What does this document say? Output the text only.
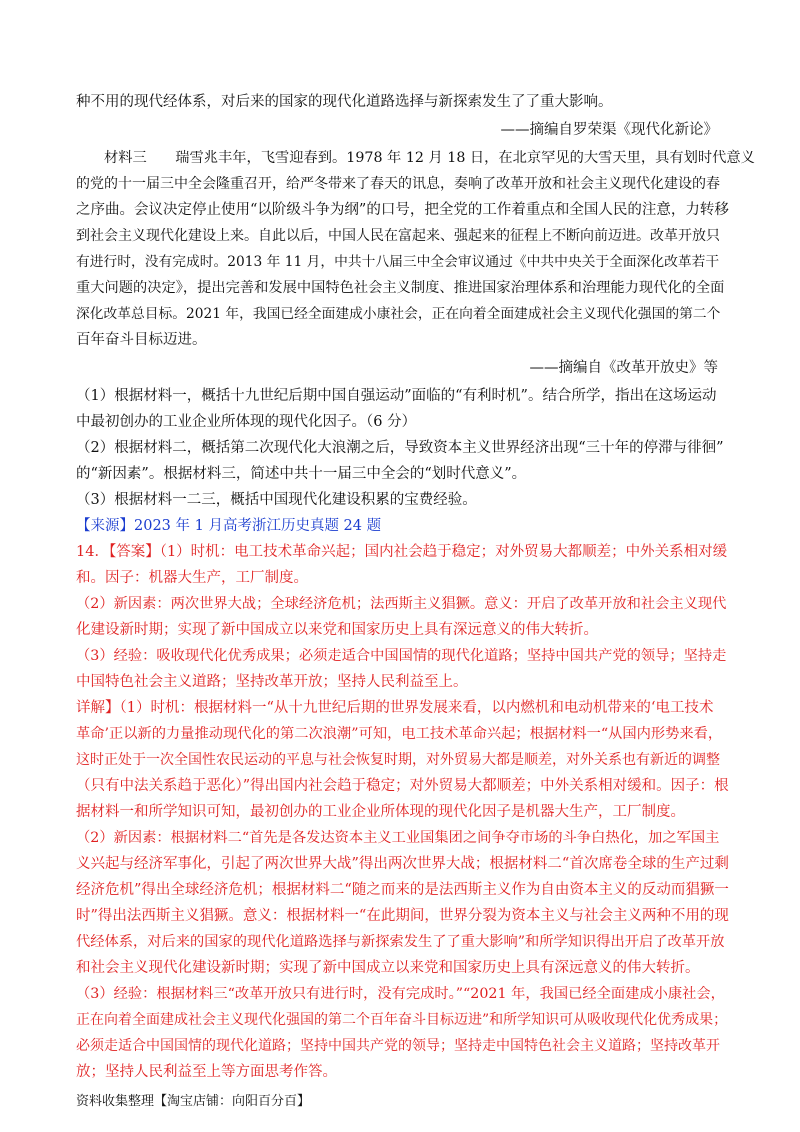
种不用的现代经体系，对后来的国家的现代化道路选择与新探索发生了了重大影响。
——摘编自罗荣渠《现代化新论》
材料三　　瑞雪兆丰年，飞雪迎春到。1978 年 12 月 18 日，在北京罕见的大雪天里，具有划时代意义
的党的十一届三中全会隆重召开，给严冬带来了春天的讯息，奏响了改革开放和社会主义现代化建设的春
之序曲。会议决定停止使用“以阶级斗争为纲”的口号，把全党的工作着重点和全国人民的注意，力转移
到社会主义现代化建设上来。自此以后，中国人民在富起来、强起来的征程上不断向前迈进。改革开放只
有进行时，没有完成时。2013 年 11 月，中共十八届三中全会审议通过《中共中央关于全面深化改革若干
重大问题的决定》，提出完善和发展中国特色社会主义制度、推进国家治理体系和治理能力现代化的全面
深化改革总目标。2021 年，我国已经全面建成小康社会，正在向着全面建成社会主义现代化强国的第二个
百年奋斗目标迈进。
——摘编自《改革开放史》等
（1）根据材料一，概括十九世纪后期中国自强运动”面临的“有利时机”。结合所学，指出在这场运动
中最初创办的工业企业所体现的现代化因子。（6 分）
（2）根据材料二，概括第二次现代化大浪潮之后，导致资本主义世界经济出现“三十年的停滞与徘徊”
的“新因素”。根据材料三，简述中共十一届三中全会的“划时代意义”。
（3）根据材料一二三，概括中国现代化建设积累的宝费经验。
【来源】2023 年 1 月高考浙江历史真题 24 题
14．【答案】（1）时机：电工技术革命兴起；国内社会趋于稳定；对外贸易大都顺差；中外关系相对缓
和。因子：机器大生产，工厂制度。
（2）新因素：两次世界大战；全球经济危机；法西斯主义猖獗。意义：开启了改革开放和社会主义现代
化建设新时期；实现了新中国成立以来党和国家历史上具有深远意义的伟大转折。
（3）经验：吸收现代化优秀成果；必须走适合中国国情的现代化道路；坚持中国共产党的领导；坚持走
中国特色社会主义道路；坚持改革开放；坚持人民利益至上。
详解】（1）时机：根据材料一“从十九世纪后期的世界发展来看，以内燃机和电动机带来的‘电工技术
革命’正以新的力量推动现代化的第二次浪潮”可知，电工技术革命兴起；根据材料一“从国内形势来看，
这时正处于一次全国性农民运动的平息与社会恢复时期，对外贸易大都是顺差，对外关系也有新近的调整
（只有中法关系趋于恶化）”得出国内社会趋于稳定；对外贸易大都顺差；中外关系相对缓和。因子：根
据材料一和所学知识可知，最初创办的工业企业所体现的现代化因子是机器大生产，工厂制度。
（2）新因素：根据材料二“首先是各发达资本主义工业国集团之间争夺市场的斗争白热化，加之军国主
义兴起与经济军事化，引起了两次世界大战”得出两次世界大战；根据材料二“首次席卷全球的生产过剩
经济危机”得出全球经济危机；根据材料二“随之而来的是法西斯主义作为自由资本主义的反动而猖獗一
时”得出法西斯主义猖獗。意义：根据材料一“在此期间，世界分裂为资本主义与社会主义两种不用的现
代经体系，对后来的国家的现代化道路选择与新探索发生了了重大影响”和所学知识得出开启了改革开放
和社会主义现代化建设新时期；实现了新中国成立以来党和国家历史上具有深远意义的伟大转折。
（3）经验：根据材料三“改革开放只有进行时，没有完成时。”“2021 年，我国已经全面建成小康社会，
正在向着全面建成社会主义现代化强国的第二个百年奋斗目标迈进”和所学知识可从吸收现代化优秀成果；
必须走适合中国国情的现代化道路；坚持中国共产党的领导；坚持走中国特色社会主义道路；坚持改革开
放；坚持人民利益至上等方面思考作答。
资料收集整理【淘宝店铺：向阳百分百】
